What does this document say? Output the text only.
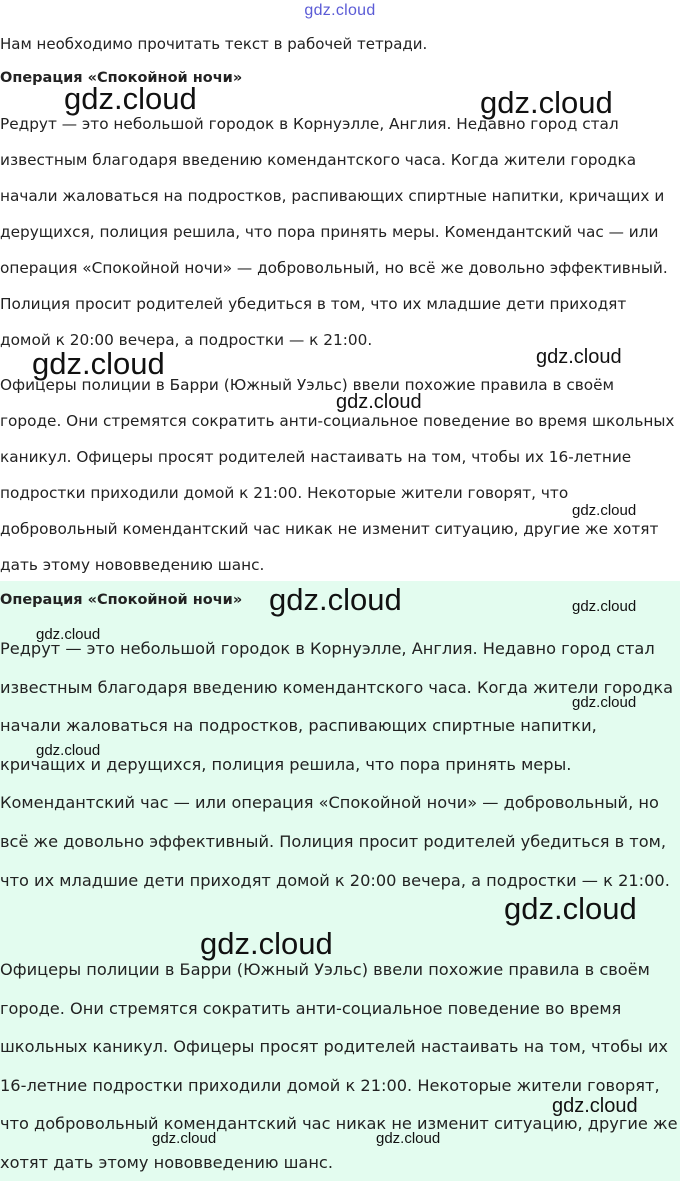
gdz.cloud
Нам необходимо прочитать текст в рабочей тетради.
Операция «Спокойной ночи»

Редрут — это небольшой городок в Корнуэлле, Англия. Недавно город стал известным благодаря введению комендантского часа. Когда жители городка начали жаловаться на подростков, распивающих спиртные напитки, кричащих и дерущихся, полиция решила, что пора принять меры. Комендантский час — или операция «Спокойной ночи» — добровольный, но всё же довольно эффективный. Полиция просит родителей убедиться в том, что их младшие дети приходят домой к 20:00 вечера, а подростки — к 21:00.

Офицеры полиции в Барри (Южный Уэльс) ввели похожие правила в своём городе. Они стремятся сократить анти-социальное поведение во время школьных каникул. Офицеры просят родителей настаивать на том, чтобы их 16-летние подростки приходили домой к 21:00. Некоторые жители говорят, что добровольный комендантский час никак не изменит ситуацию, другие же хотят дать этому нововведению шанс.

Операция «Спокойной ночи»

Редрут — это небольшой городок в Корнуэлле, Англия. Недавно город стал известным благодаря введению комендантского часа. Когда жители городка начали жаловаться на подростков, распивающих спиртные напитки, кричащих и дерущихся, полиция решила, что пора принять меры. Комендантский час — или операция «Спокойной ночи» — добровольный, но всё же довольно эффективный. Полиция просит родителей убедиться в том, что их младшие дети приходят домой к 20:00 вечера, а подростки — к 21:00.

Офицеры полиции в Барри (Южный Уэльс) ввели похожие правила в своём городе. Они стремятся сократить анти-социальное поведение во время школьных каникул. Офицеры просят родителей настаивать на том, чтобы их 16-летние подростки приходили домой к 21:00. Некоторые жители говорят, что добровольный комендантский час никак не изменит ситуацию, другие же хотят дать этому нововведению шанс.

gdz.cloud	gdz.cloud
gdz.cloud	gdz.cloud
gdz.cloud
gdz.cloud
gdz.cloud	gdz.cloud
gdz.cloud
gdz.cloud
gdz.cloud
gdz.cloud
gdz.cloud
gdz.cloud
gdz.cloud	gdz.cloud
